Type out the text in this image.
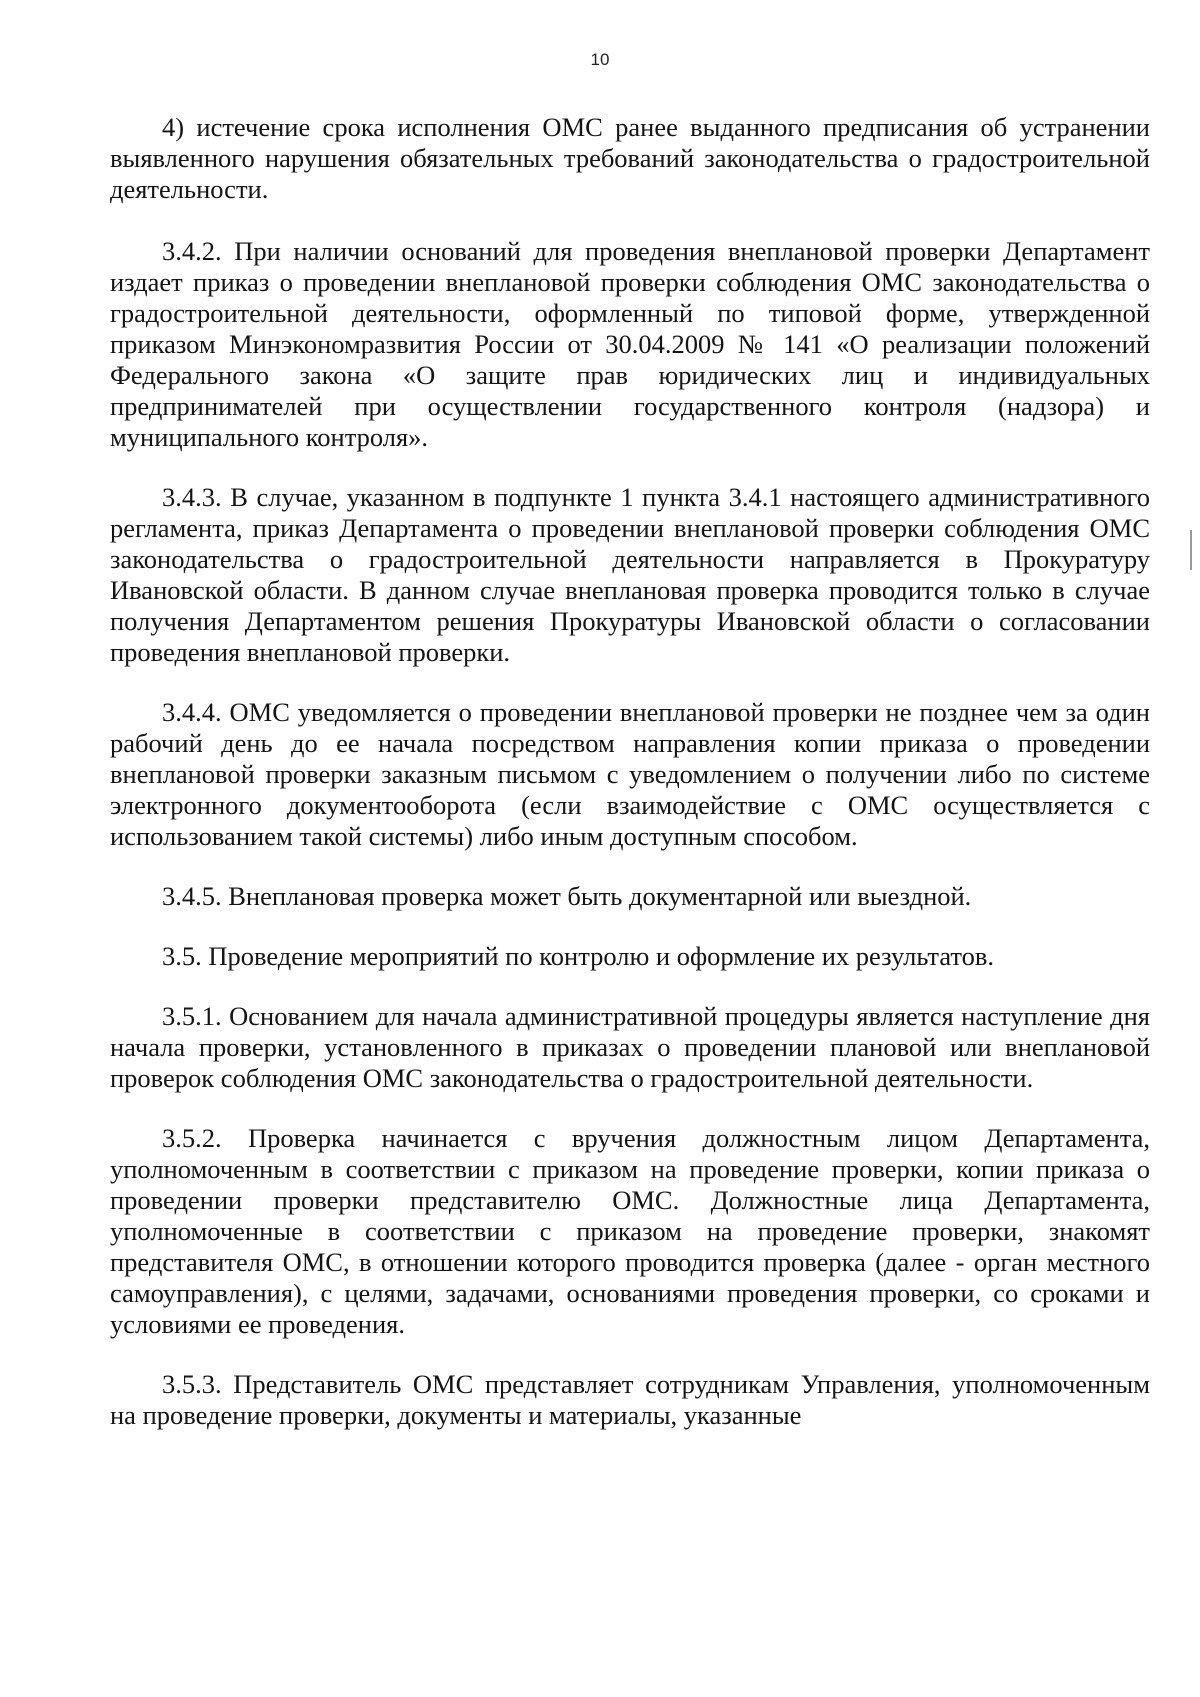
10

4) истечение срока исполнения ОМС ранее выданного предписания об устранении выявленного нарушения обязательных требований законодательства о градостроительной деятельности.

3.4.2. При наличии оснований для проведения внеплановой проверки Департамент издает приказ о проведении внеплановой проверки соблюдения ОМС законодательства о градостроительной деятельности, оформленный по типовой форме, утвержденной приказом Минэкономразвития России от 30.04.2009 № 141 «О реализации положений Федерального закона «О защите прав юридических лиц и индивидуальных предпринимателей при осуществлении государственного контроля (надзора) и муниципального контроля».

3.4.3. В случае, указанном в подпункте 1 пункта 3.4.1 настоящего административного регламента, приказ Департамента о проведении внеплановой проверки соблюдения ОМС законодательства о градостроительной деятельности направляется в Прокуратуру Ивановской области. В данном случае внеплановая проверка проводится только в случае получения Департаментом решения Прокуратуры Ивановской области о согласовании проведения внеплановой проверки.

3.4.4. ОМС уведомляется о проведении внеплановой проверки не позднее чем за один рабочий день до ее начала посредством направления копии приказа о проведении внеплановой проверки заказным письмом с уведомлением о получении либо по системе электронного документооборота (если взаимодействие с ОМС осуществляется с использованием такой системы) либо иным доступным способом.

3.4.5. Внеплановая проверка может быть документарной или выездной.

3.5. Проведение мероприятий по контролю и оформление их результатов.

3.5.1. Основанием для начала административной процедуры является наступление дня начала проверки, установленного в приказах о проведении плановой или внеплановой проверок соблюдения ОМС законодательства о градостроительной деятельности.

3.5.2. Проверка начинается с вручения должностным лицом Департамента, уполномоченным в соответствии с приказом на проведение проверки, копии приказа о проведении проверки представителю ОМС. Должностные лица Департамента, уполномоченные в соответствии с приказом на проведение проверки, знакомят представителя ОМС, в отношении которого проводится проверка (далее - орган местного самоуправления), с целями, задачами, основаниями проведения проверки, со сроками и условиями ее проведения.

3.5.3. Представитель ОМС представляет сотрудникам Управления, уполномоченным на проведение проверки, документы и материалы, указанные
